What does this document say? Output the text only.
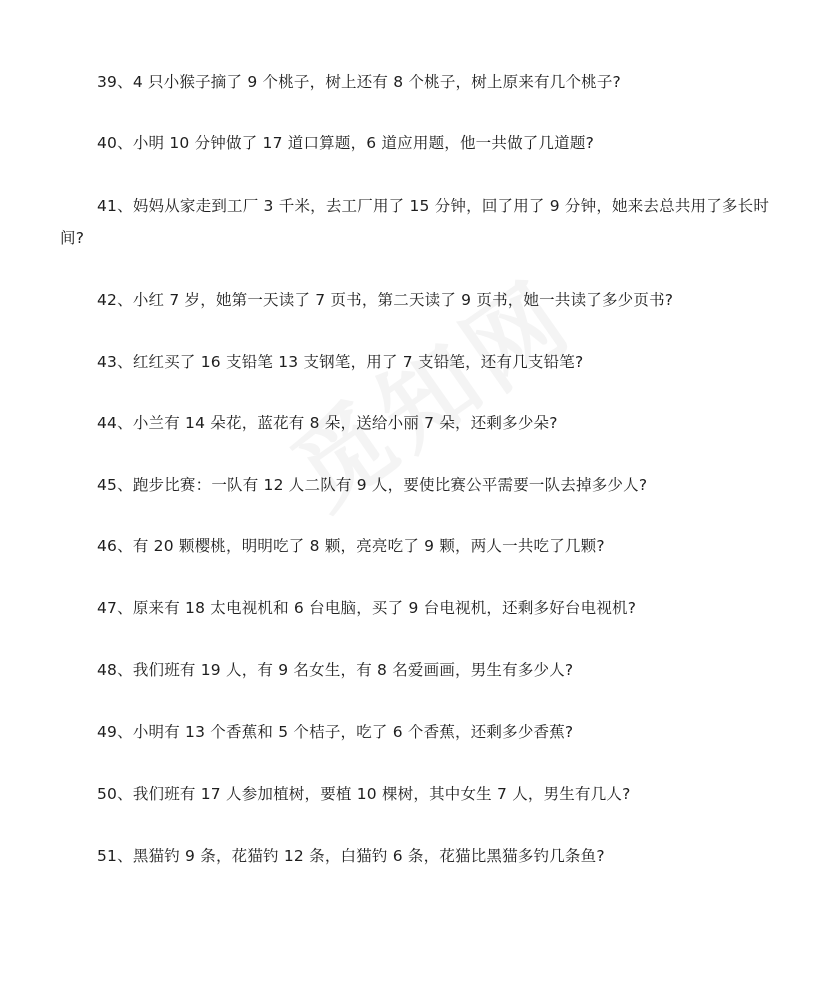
39、4 只小猴子摘了 9 个桃子，树上还有 8 个桃子，树上原来有几个桃子?

40、小明 10 分钟做了 17 道口算题，6 道应用题，他一共做了几道题?

41、妈妈从家走到工厂 3 千米，去工厂用了 15 分钟，回了用了 9 分钟，她来去总共用了多长时间?

42、小红 7 岁，她第一天读了 7 页书，第二天读了 9 页书，她一共读了多少页书?

43、红红买了 16 支铅笔 13 支钢笔，用了 7 支铅笔，还有几支铅笔?

44、小兰有 14 朵花，蓝花有 8 朵，送给小丽 7 朵，还剩多少朵?

45、跑步比赛：一队有 12 人二队有 9 人，要使比赛公平需要一队去掉多少人?

46、有 20 颗樱桃，明明吃了 8 颗，亮亮吃了 9 颗，两人一共吃了几颗?

47、原来有 18 太电视机和 6 台电脑，买了 9 台电视机，还剩多好台电视机?

48、我们班有 19 人，有 9 名女生，有 8 名爱画画，男生有多少人?

49、小明有 13 个香蕉和 5 个桔子，吃了 6 个香蕉，还剩多少香蕉?

50、我们班有 17 人参加植树，要植 10 棵树，其中女生 7 人，男生有几人?

51、黑猫钓 9 条，花猫钓 12 条，白猫钓 6 条，花猫比黑猫多钓几条鱼?
